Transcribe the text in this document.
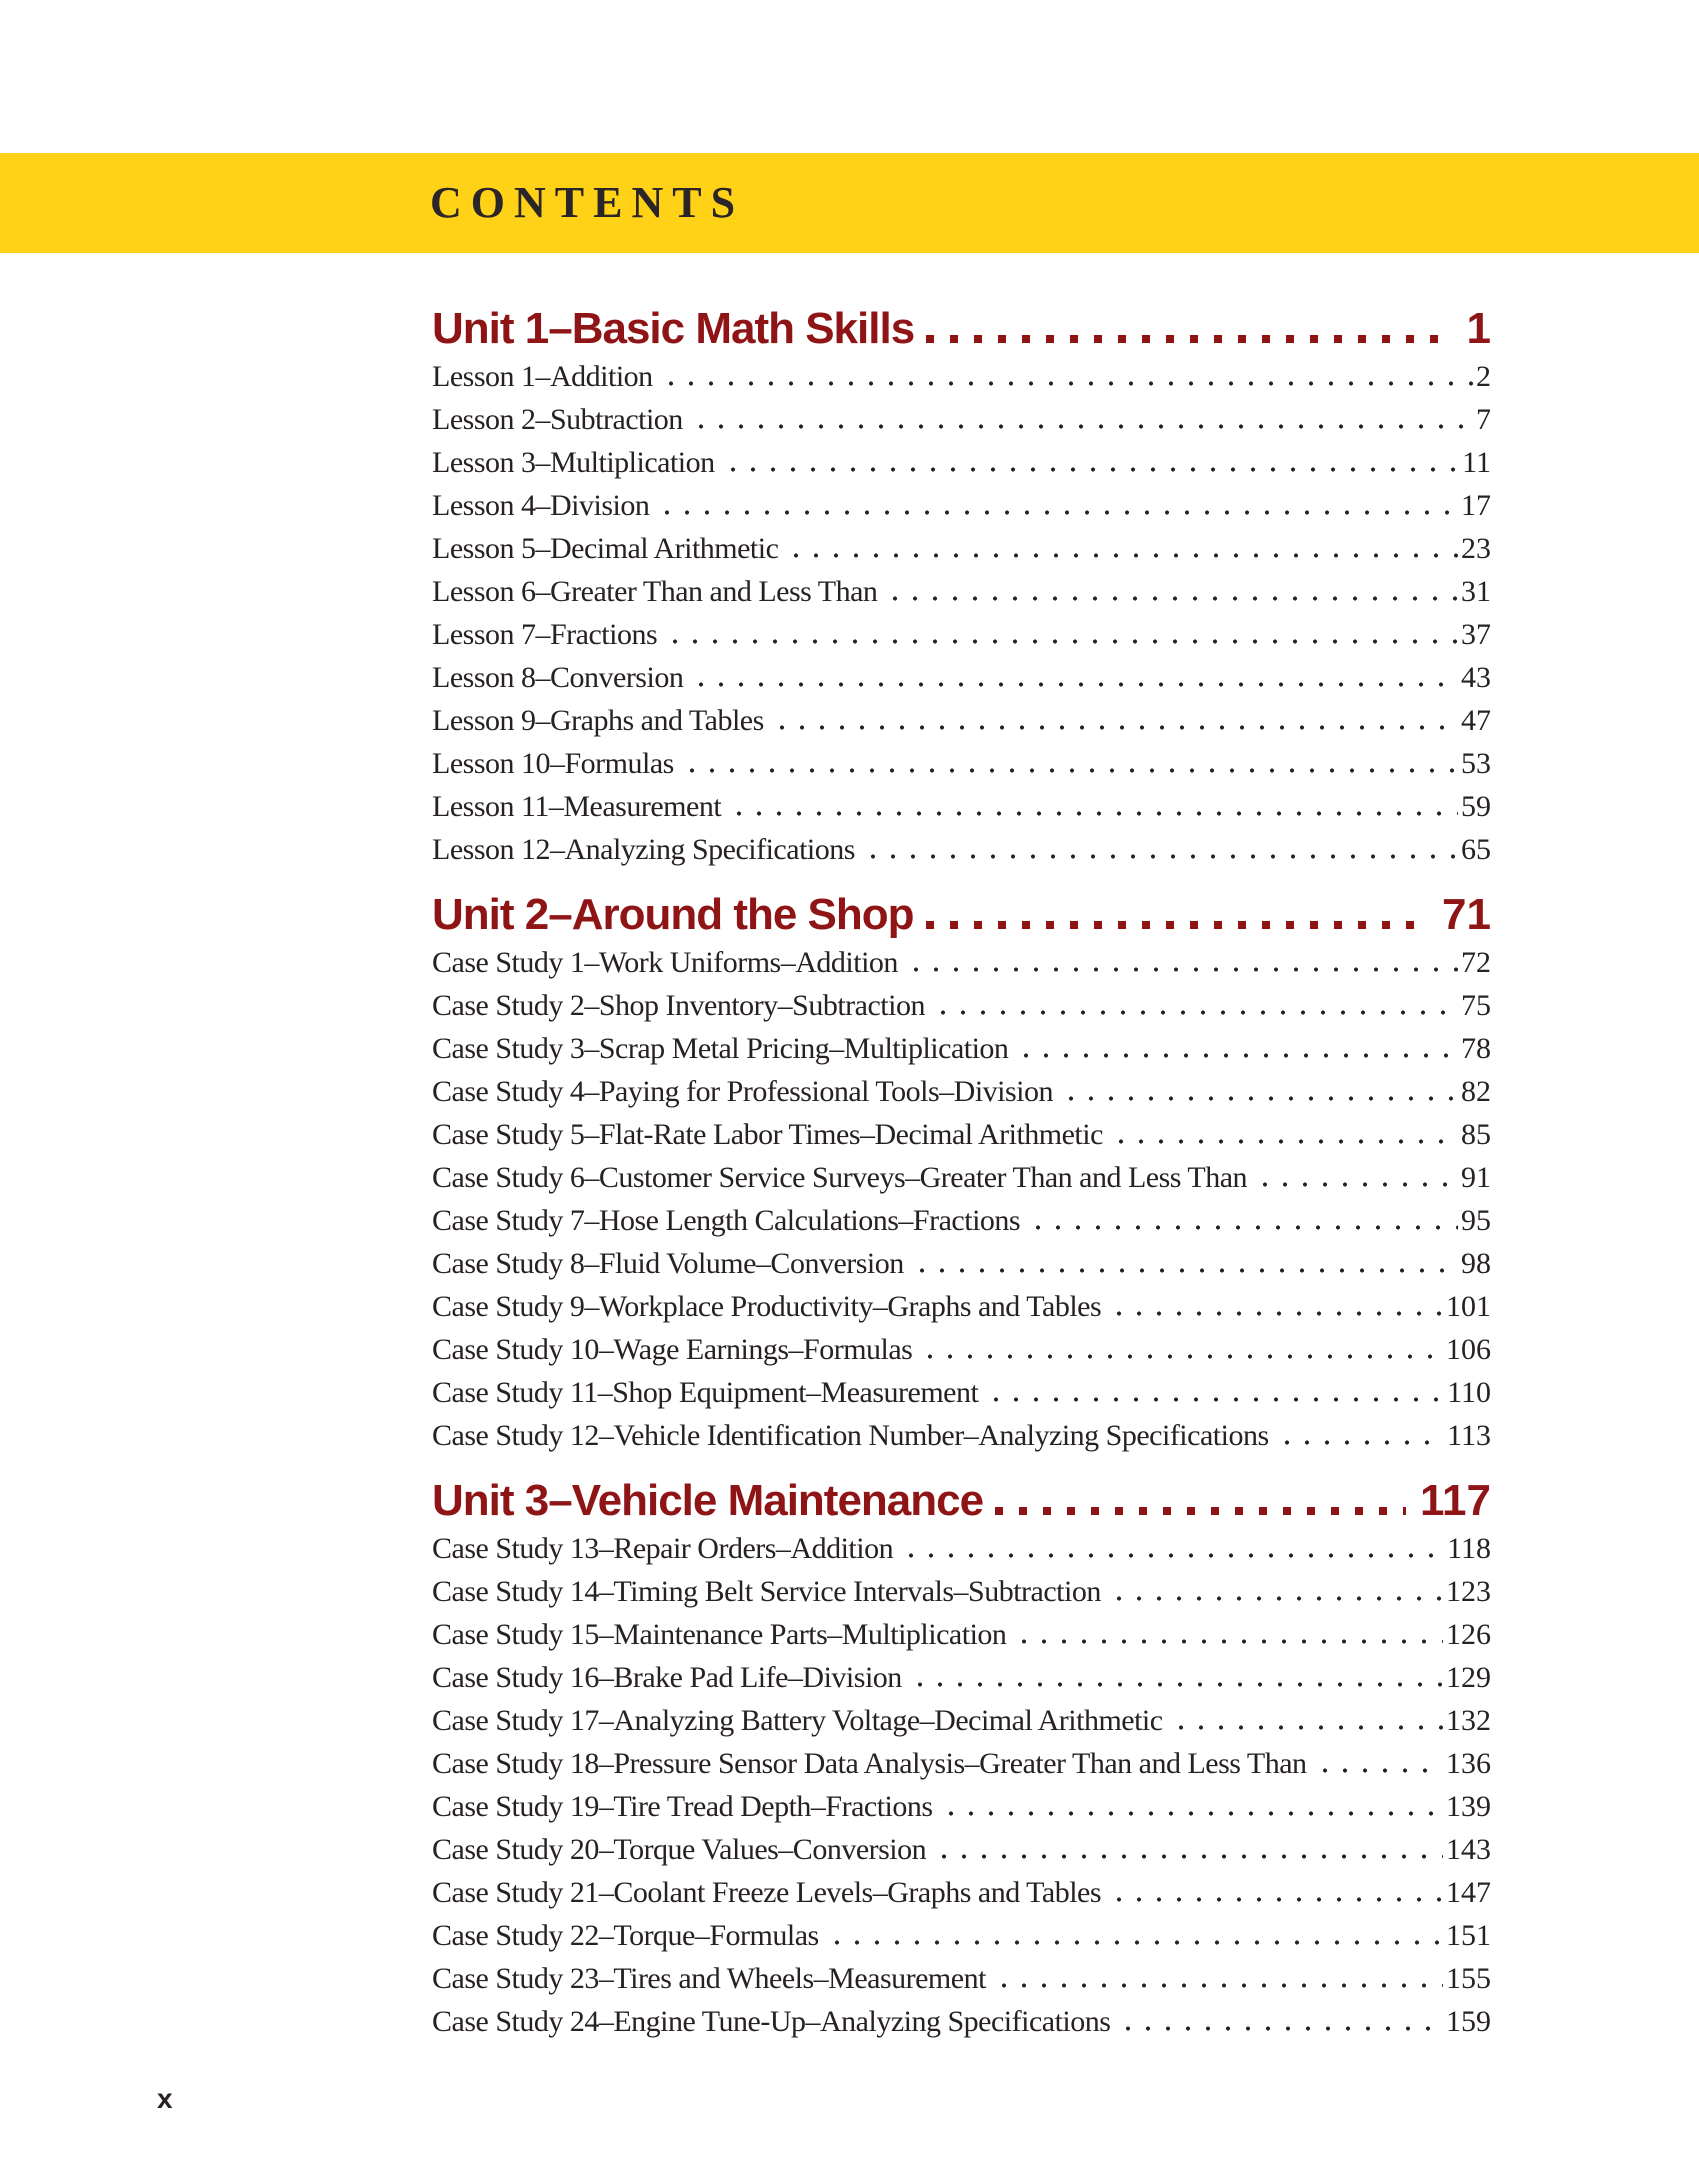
CONTENTS
Unit 1–Basic Math Skills	1
Lesson 1–Addition	2
Lesson 2–Subtraction	7
Lesson 3–Multiplication	11
Lesson 4–Division	17
Lesson 5–Decimal Arithmetic	23
Lesson 6–Greater Than and Less Than	31
Lesson 7–Fractions	37
Lesson 8–Conversion	43
Lesson 9–Graphs and Tables	47
Lesson 10–Formulas	53
Lesson 11–Measurement	59
Lesson 12–Analyzing Specifications	65
Unit 2–Around the Shop	71
Case Study 1–Work Uniforms–Addition	72
Case Study 2–Shop Inventory–Subtraction	75
Case Study 3–Scrap Metal Pricing–Multiplication	78
Case Study 4–Paying for Professional Tools–Division	82
Case Study 5–Flat-Rate Labor Times–Decimal Arithmetic	85
Case Study 6–Customer Service Surveys–Greater Than and Less Than	91
Case Study 7–Hose Length Calculations–Fractions	95
Case Study 8–Fluid Volume–Conversion	98
Case Study 9–Workplace Productivity–Graphs and Tables	101
Case Study 10–Wage Earnings–Formulas	106
Case Study 11–Shop Equipment–Measurement	110
Case Study 12–Vehicle Identification Number–Analyzing Specifications	113
Unit 3–Vehicle Maintenance	117
Case Study 13–Repair Orders–Addition	118
Case Study 14–Timing Belt Service Intervals–Subtraction	123
Case Study 15–Maintenance Parts–Multiplication	126
Case Study 16–Brake Pad Life–Division	129
Case Study 17–Analyzing Battery Voltage–Decimal Arithmetic	132
Case Study 18–Pressure Sensor Data Analysis–Greater Than and Less Than	136
Case Study 19–Tire Tread Depth–Fractions	139
Case Study 20–Torque Values–Conversion	143
Case Study 21–Coolant Freeze Levels–Graphs and Tables	147
Case Study 22–Torque–Formulas	151
Case Study 23–Tires and Wheels–Measurement	155
Case Study 24–Engine Tune-Up–Analyzing Specifications	159
x
